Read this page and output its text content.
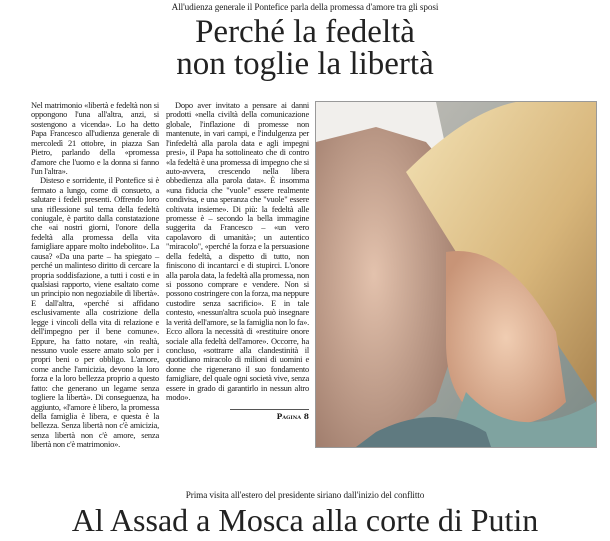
All'udienza generale il Pontefice parla della promessa d'amore tra gli sposi
Perché la fedeltà
non toglie la libertà

Nel matrimonio «libertà e fedeltà non si oppongono l'una all'altra, anzi, si sostengono a vicenda». Lo ha detto Papa Francesco all'udienza generale di mercoledì 21 ottobre, in piazza San Pietro, parlando della «promessa d'amore che l'uomo e la donna si fanno l'un l'altra».

Disteso e sorridente, il Pontefice si è fermato a lungo, come di consueto, a salutare i fedeli presenti. Offrendo loro una riflessione sul tema della fedeltà coniugale, è partito dalla constatazione che «ai nostri giorni, l'onore della fedeltà alla promessa della vita famigliare appare molto indebolito». La causa? «Da una parte – ha spiegato – perché un malinteso diritto di cercare la propria soddisfazione, a tutti i costi e in qualsiasi rapporto, viene esaltato come un principio non negoziabile di libertà». E dall'altra, «perché si affidano esclusivamente alla costrizione della legge i vincoli della vita di relazione e dell'impegno per il bene comune». Eppure, ha fatto notare, «in realtà, nessuno vuole essere amato solo per i propri beni o per obbligo. L'amore, come anche l'amicizia, devono la loro forza e la loro bellezza proprio a questo fatto: che generano un legame senza togliere la libertà». Di conseguenza, ha aggiunto, «l'amore è libero, la promessa della famiglia è libera, e questa è la bellezza. Senza libertà non c'è amicizia, senza libertà non c'è amore, senza libertà non c'è matrimonio».

Dopo aver invitato a pensare ai danni prodotti «nella civiltà della comunicazione globale, l'inflazione di promesse non mantenute, in vari campi, e l'indulgenza per l'infedeltà alla parola data e agli impegni presi», il Papa ha sottolineato che di contro «la fedeltà è una promessa di impegno che si auto-avvera, crescendo nella libera obbedienza alla parola data». È insomma «una fiducia che "vuole" essere realmente condivisa, e una speranza che "vuole" essere coltivata insieme». Di più: la fedeltà alle promesse è – secondo la bella immagine suggerita da Francesco – «un vero capolavoro di umanità»; un autentico "miracolo", «perché la forza e la persuasione della fedeltà, a dispetto di tutto, non finiscono di incantarci e di stupirci. L'onore alla parola data, la fedeltà alla promessa, non si possono comprare e vendere. Non si possono costringere con la forza, ma neppure custodire senza sacrificio». E in tale contesto, «nessun'altra scuola può insegnare la verità dell'amore, se la famiglia non lo fa». Ecco allora la necessità di «restituire onore sociale alla fedeltà dell'amore». Occorre, ha concluso, «sottrarre alla clandestinità il quotidiano miracolo di milioni di uomini e donne che rigenerano il suo fondamento famigliare, del quale ogni società vive, senza essere in grado di garantirlo in nessun altro modo».

Pagina 8
Prima visita all'estero del presidente siriano dall'inizio del conflitto
Al Assad a Mosca alla corte di Putin
